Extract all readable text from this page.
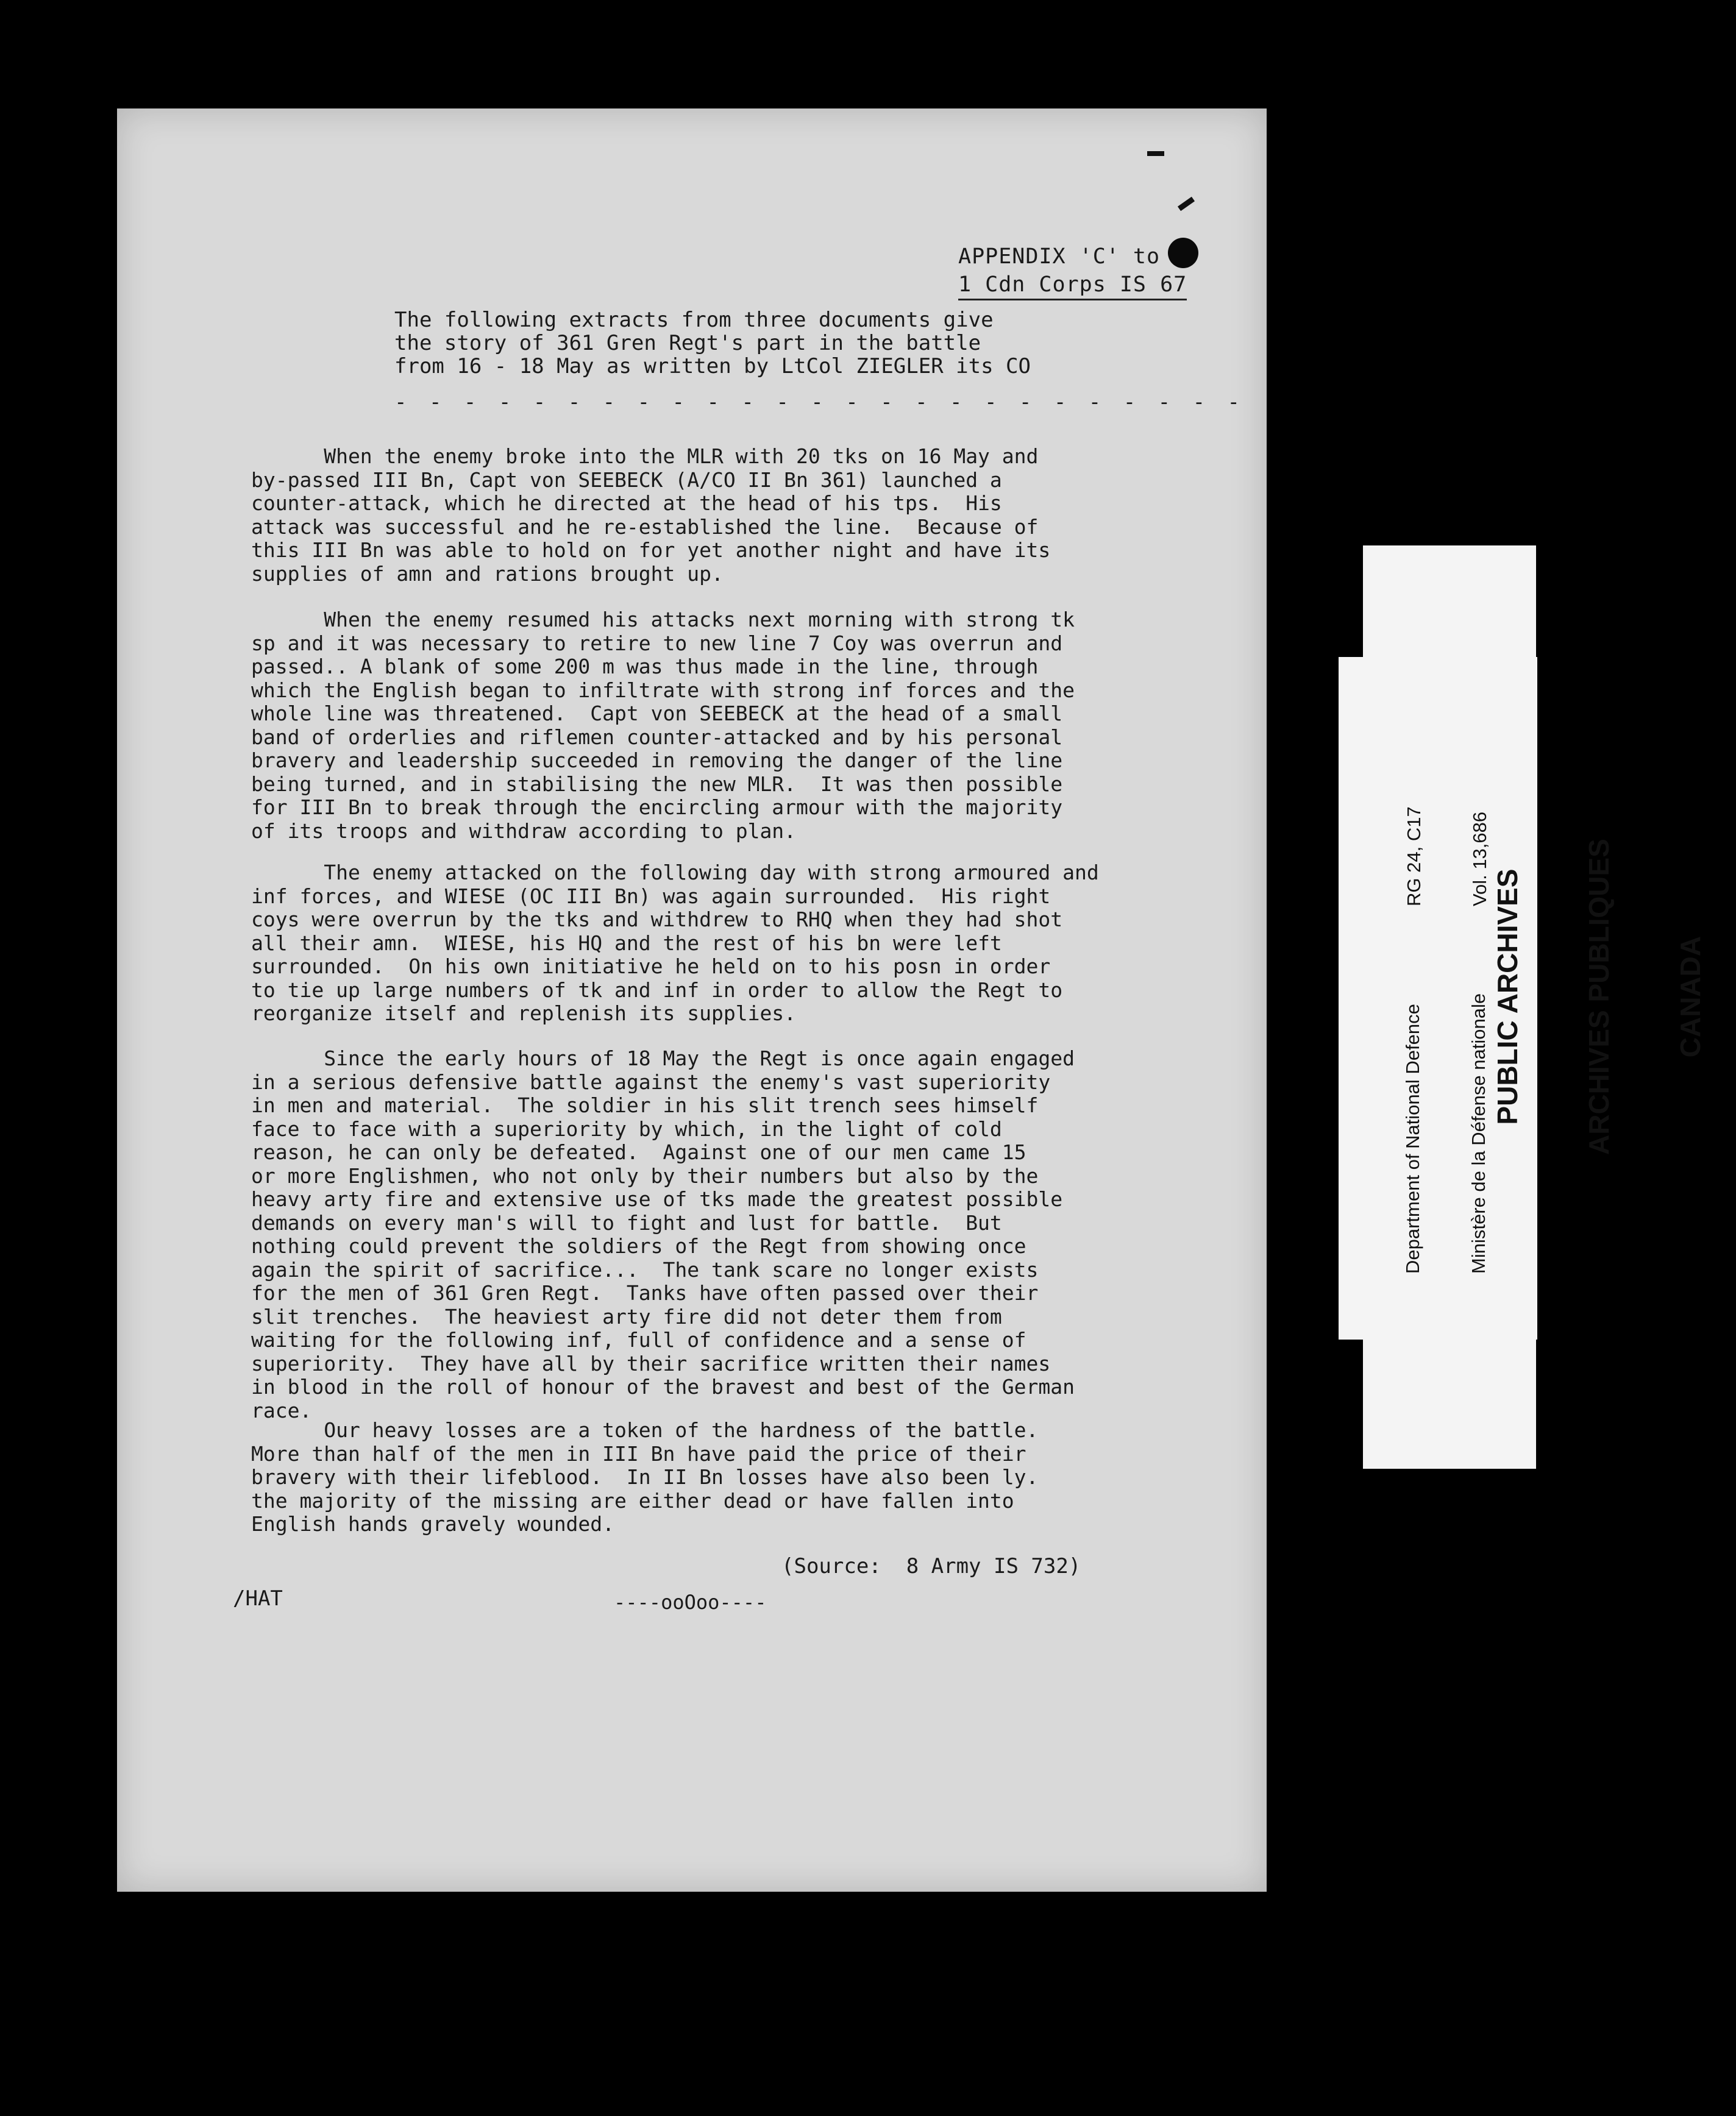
APPENDIX 'C' to
1 Cdn Corps IS 67
The following extracts from three documents give
the story of 361 Gren Regt's part in the battle
from 16 - 18 May as written by LtCol ZIEGLER its CO
- - - - - - - - - - - - - - - - - - - - - - - - -
When the enemy broke into the MLR with 20 tks on 16 May and
by-passed III Bn, Capt von SEEBECK (A/CO II Bn 361) launched a
counter-attack, which he directed at the head of his tps.  His
attack was successful and he re-established the line.  Because of
this III Bn was able to hold on for yet another night and have its
supplies of amn and rations brought up.
When the enemy resumed his attacks next morning with strong tk
sp and it was necessary to retire to new line 7 Coy was overrun and
passed.. A blank of some 200 m was thus made in the line, through
which the English began to infiltrate with strong inf forces and the
whole line was threatened.  Capt von SEEBECK at the head of a small
band of orderlies and riflemen counter-attacked and by his personal
bravery and leadership succeeded in removing the danger of the line
being turned, and in stabilising the new MLR.  It was then possible
for III Bn to break through the encircling armour with the majority
of its troops and withdraw according to plan.
The enemy attacked on the following day with strong armoured and
inf forces, and WIESE (OC III Bn) was again surrounded.  His right
coys were overrun by the tks and withdrew to RHQ when they had shot
all their amn.  WIESE, his HQ and the rest of his bn were left
surrounded.  On his own initiative he held on to his posn in order
to tie up large numbers of tk and inf in order to allow the Regt to
reorganize itself and replenish its supplies.
Since the early hours of 18 May the Regt is once again engaged
in a serious defensive battle against the enemy's vast superiority
in men and material.  The soldier in his slit trench sees himself
face to face with a superiority by which, in the light of cold
reason, he can only be defeated.  Against one of our men came 15
or more Englishmen, who not only by their numbers but also by the
heavy arty fire and extensive use of tks made the greatest possible
demands on every man's will to fight and lust for battle.  But
nothing could prevent the soldiers of the Regt from showing once
again the spirit of sacrifice...  The tank scare no longer exists
for the men of 361 Gren Regt.  Tanks have often passed over their
slit trenches.  The heaviest arty fire did not deter them from
waiting for the following inf, full of confidence and a sense of
superiority.  They have all by their sacrifice written their names
in blood in the roll of honour of the bravest and best of the German
race.
Our heavy losses are a token of the hardness of the battle.
More than half of the men in III Bn have paid the price of their
bravery with their lifeblood.  In II Bn losses have also been ly.
the majority of the missing are either dead or have fallen into
English hands gravely wounded.
(Source:  8 Army IS 732)
/HAT	----ooOoo----

PUBLIC ARCHIVES

ARCHIVES PUBLIQUES

CANADA

Department of National Defence

Ministère de la Défense nationale

RG 24, C17

Vol. 13,686
